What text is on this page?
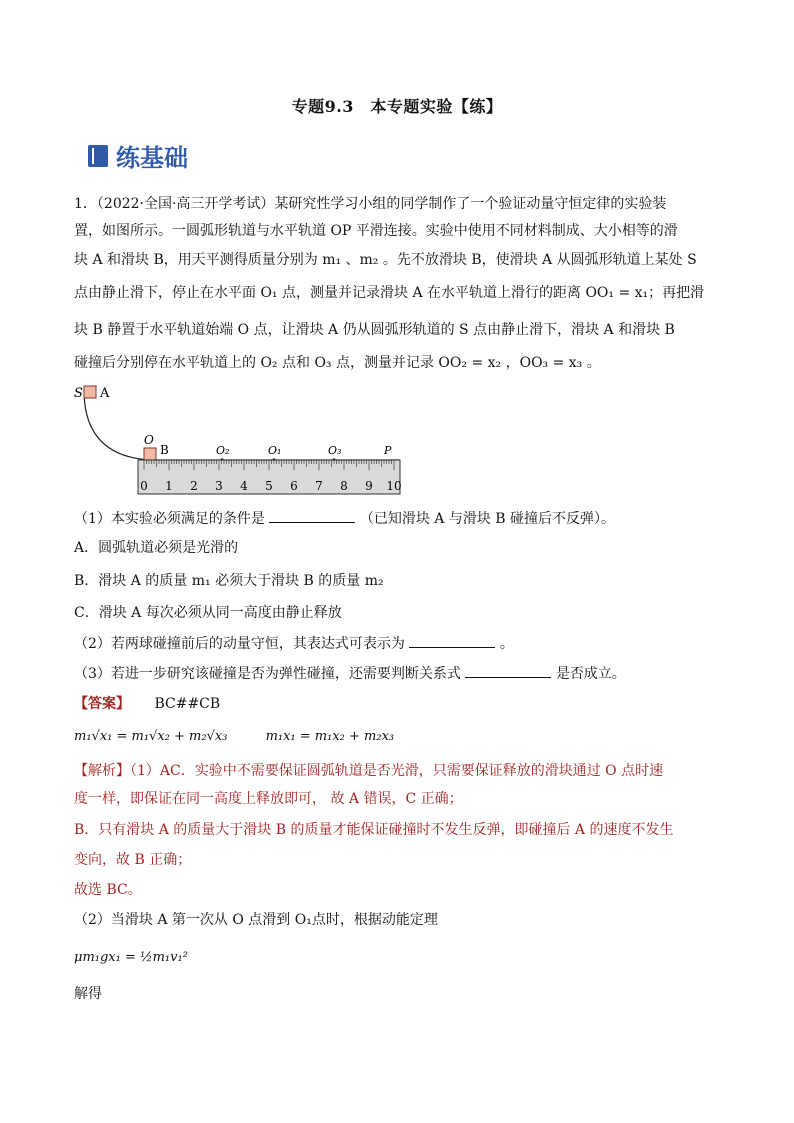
专题9.3　本专题实验【练】
练基础
1．（2022·全国·高三开学考试）某研究性学习小组的同学制作了一个验证动量守恒定律的实验装
置，如图所示。一圆弧形轨道与水平轨道 OP 平滑连接。实验中使用不同材料制成、大小相等的滑
块 A 和滑块 B，用天平测得质量分别为 m₁ 、m₂ 。先不放滑块 B，使滑块 A 从圆弧形轨道上某处 S
点由静止滑下，停止在水平面 O₁ 点，测量并记录滑块 A 在水平轨道上滑行的距离 OO₁ = x₁；再把滑
块 B 静置于水平轨道始端 O 点，让滑块 A 仍从圆弧形轨道的 S 点由静止滑下，滑块 A 和滑块 B
碰撞后分别停在水平轨道上的 O₂ 点和 O₃ 点，测量并记录 OO₂ = x₂ ，OO₃ = x₃ 。
S A
O
B	O₂	O₁	O₃	P
0 1 2 3 4 5 6 7 8 9 10
（1）本实验必须满足的条件是	（已知滑块 A 与滑块 B 碰撞后不反弹）。
A．圆弧轨道必须是光滑的
B．滑块 A 的质量 m₁ 必须大于滑块 B 的质量 m₂
C．滑块 A 每次必须从同一高度由静止释放
（2）若两球碰撞前后的动量守恒，其表达式可表示为	。
（3）若进一步研究该碰撞是否为弹性碰撞，还需要判断关系式	是否成立。
【答案】 BC##CB
m₁√x₁ = m₁√x₂ + m₂√x₃	m₁x₁ = m₁x₂ + m₂x₃
【解析】（1）AC．实验中不需要保证圆弧轨道是否光滑，只需要保证释放的滑块通过 O 点时速
度一样，即保证在同一高度上释放即可， 故 A 错误，C 正确；
B．只有滑块 A 的质量大于滑块 B 的质量才能保证碰撞时不发生反弹，即碰撞后 A 的速度不发生
变向，故 B 正确；
故选 BC。
（2）当滑块 A 第一次从 O 点滑到 O₁点时，根据动能定理
μm₁gx₁ = ½m₁v₁²
解得
